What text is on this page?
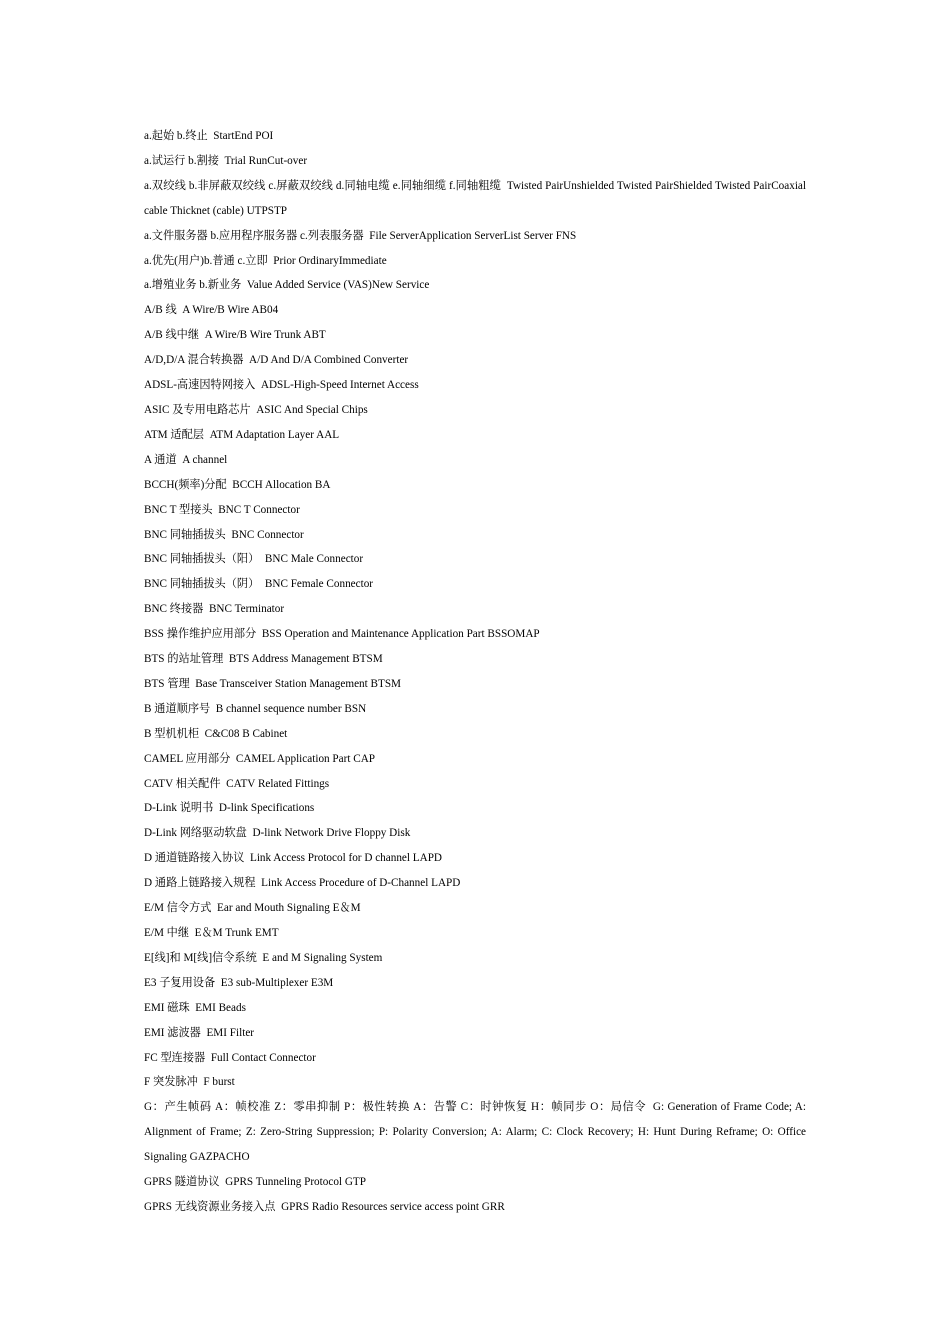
a.起始 b.终止 StartEnd POI

a.试运行 b.割接 Trial RunCut-over

a.双绞线 b.非屏蔽双绞线 c.屏蔽双绞线 d.同轴电缆 e.同轴细缆 f.同轴粗缆 Twisted PairUnshielded Twisted PairShielded Twisted PairCoaxial cable Thicknet (cable) UTPSTP

a.文件服务器 b.应用程序服务器 c.列表服务器 File ServerApplication ServerList Server FNS

a.优先(用户)b.普通 c.立即 Prior OrdinaryImmediate

a.增殖业务 b.新业务 Value Added Service (VAS)New Service

A/B 线 A Wire/B Wire AB04

A/B 线中继 A Wire/B Wire Trunk ABT

A/D,D/A 混合转换器 A/D And D/A Combined Converter

ADSL-高速因特网接入 ADSL-High-Speed Internet Access

ASIC 及专用电路芯片 ASIC And Special Chips

ATM 适配层 ATM Adaptation Layer AAL

A 通道 A channel

BCCH(频率)分配 BCCH Allocation BA

BNC T 型接头 BNC T Connector

BNC 同轴插拔头 BNC Connector

BNC 同轴插拔头（阳） BNC Male Connector

BNC 同轴插拔头（阴） BNC Female Connector

BNC 终接器 BNC Terminator

BSS 操作维护应用部分 BSS Operation and Maintenance Application Part BSSOMAP

BTS 的站址管理 BTS Address Management BTSM

BTS 管理 Base Transceiver Station Management BTSM

B 通道顺序号 B channel sequence number BSN

B 型机机柜 C&C08 B Cabinet

CAMEL 应用部分 CAMEL Application Part CAP

CATV 相关配件 CATV Related Fittings

D-Link 说明书 D-link Specifications

D-Link 网络驱动软盘 D-link Network Drive Floppy Disk

D 通道链路接入协议 Link Access Protocol for D channel LAPD

D 通路上链路接入规程 Link Access Procedure of D-Channel LAPD

E/M 信令方式 Ear and Mouth Signaling E＆M

E/M 中继 E＆M Trunk EMT

E[线]和 M[线]信令系统 E and M Signaling System

E3 子复用设备 E3 sub-Multiplexer E3M

EMI 磁珠 EMI Beads

EMI 滤波器 EMI Filter

FC 型连接器 Full Contact Connector

F 突发脉冲 F burst

G：产生帧码 A：帧校准 Z：零串抑制 P：极性转换 A：告警 C：时钟恢复 H：帧同步 O：局信令 G: Generation of Frame Code; A: Alignment of Frame; Z: Zero-String Suppression; P: Polarity Conversion; A: Alarm; C: Clock Recovery; H: Hunt During Reframe; O: Office Signaling GAZPACHO

GPRS 隧道协议 GPRS Tunneling Protocol GTP

GPRS 无线资源业务接入点 GPRS Radio Resources service access point GRR
